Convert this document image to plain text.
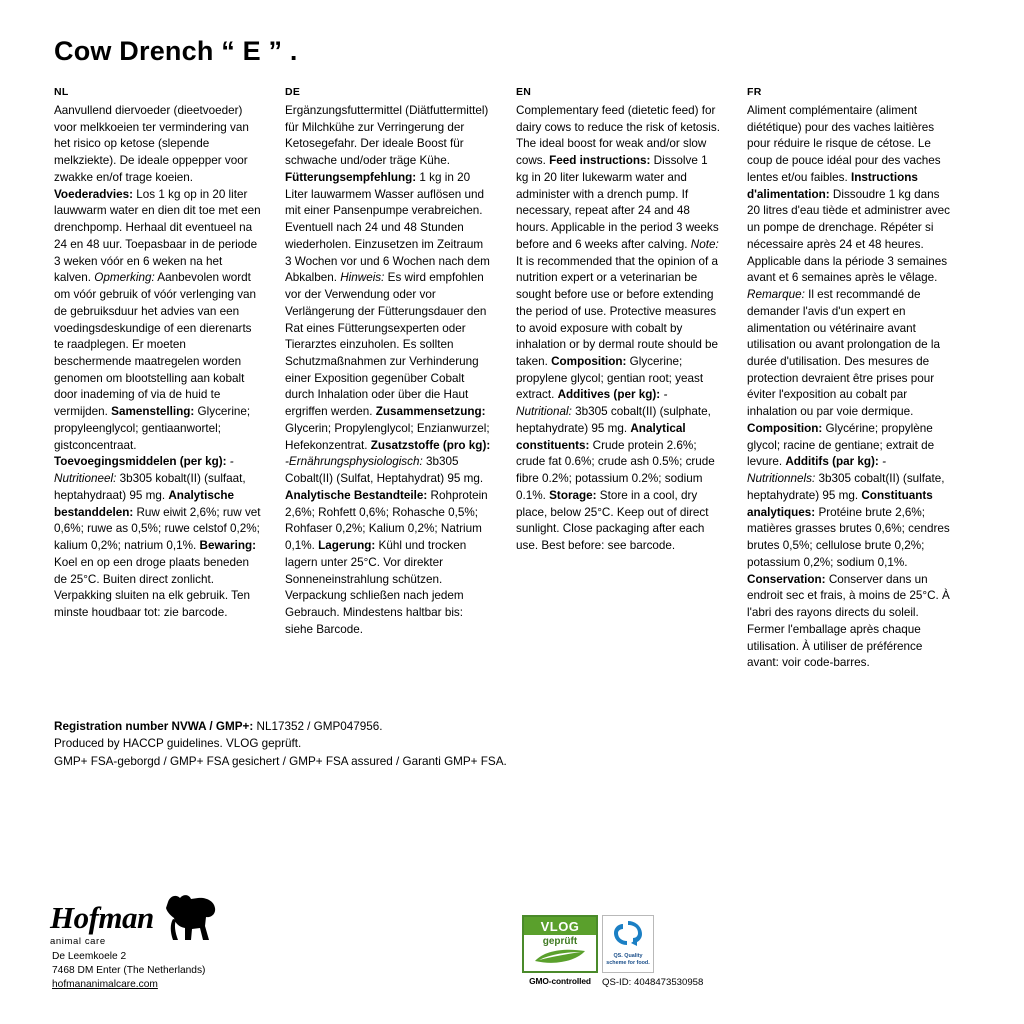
Cow Drench “ E ” .
NL
Aanvullend diervoeder (dieetvoeder) voor melkkoeien ter vermindering van het risico op ketose (slepende melkziekte). De ideale oppepper voor zwakke en/of trage koeien. Voederadvies: Los 1 kg op in 20 liter lauwwarm water en dien dit toe met een drenchpomp. Herhaal dit eventueel na 24 en 48 uur. Toepasbaar in de periode 3 weken vóór en 6 weken na het kalven. Opmerking: Aanbevolen wordt om vóór gebruik of vóór verlenging van de gebruiksduur het advies van een voedingsdeskundige of een dierenarts te raadplegen. Er moeten beschermende maatregelen worden genomen om blootstelling aan kobalt door inademing of via de huid te vermijden. Samenstelling: Glycerine; propyleenglycol; gentiaanwortel; gistconcentraat. Toevoegingsmiddelen (per kg): -Nutritioneel: 3b305 kobalt(II) (sulfaat, heptahydraat) 95 mg. Analytische bestanddelen: Ruw eiwit 2,6%; ruw vet 0,6%; ruwe as 0,5%; ruwe celstof 0,2%; kalium 0,2%; natrium 0,1%. Bewaring: Koel en op een droge plaats beneden de 25°C. Buiten direct zonlicht. Verpakking sluiten na elk gebruik. Ten minste houdbaar tot: zie barcode.
DE
Ergänzungsfuttermittel (Diätfuttermittel) für Milchkühe zur Verringerung der Ketosegefahr. Der ideale Boost für schwache und/oder träge Kühe. Fütterungsempfehlung: 1 kg in 20 Liter lauwarmem Wasser auflösen und mit einer Pansenpumpe verabreichen. Eventuell nach 24 und 48 Stunden wiederholen. Einzusetzen im Zeitraum 3 Wochen vor und 6 Wochen nach dem Abkalben. Hinweis: Es wird empfohlen vor der Verwendung oder vor Verlängerung der Fütterungsdauer den Rat eines Fütterungsexperten oder Tierarztes einzuholen. Es sollten Schutzmaßnahmen zur Verhinderung einer Exposition gegenüber Cobalt durch Inhalation oder über die Haut ergriffen werden. Zusammensetzung: Glycerin; Propylenglycol; Enzianwurzel; Hefekonzentrat. Zusatzstoffe (pro kg): -Ernährungsphysiologisch: 3b305 Cobalt(II) (Sulfat, Heptahydrat) 95 mg. Analytische Bestandteile: Rohprotein 2,6%; Rohfett 0,6%; Rohasche 0,5%; Rohfaser 0,2%; Kalium 0,2%; Natrium 0,1%. Lagerung: Kühl und trocken lagern unter 25°C. Vor direkter Sonneneinstrahlung schützen. Verpackung schließen nach jedem Gebrauch. Mindestens haltbar bis: siehe Barcode.
EN
Complementary feed (dietetic feed) for dairy cows to reduce the risk of ketosis. The ideal boost for weak and/or slow cows. Feed instructions: Dissolve 1 kg in 20 liter lukewarm water and administer with a drench pump. If necessary, repeat after 24 and 48 hours. Applicable in the period 3 weeks before and 6 weeks after calving. Note: It is recommended that the opinion of a nutrition expert or a veterinarian be sought before use or before extending the period of use. Protective measures to avoid exposure with cobalt by inhalation or by dermal route should be taken. Composition: Glycerine; propylene glycol; gentian root; yeast extract. Additives (per kg): -Nutritional: 3b305 cobalt(II) (sulphate, heptahydrate) 95 mg. Analytical constituents: Crude protein 2.6%; crude fat 0.6%; crude ash 0.5%; crude fibre 0.2%; potassium 0.2%; sodium 0.1%. Storage: Store in a cool, dry place, below 25°C. Keep out of direct sunlight. Close packaging after each use. Best before: see barcode.
FR
Aliment complémentaire (aliment diététique) pour des vaches laitières pour réduire le risque de cétose. Le coup de pouce idéal pour des vaches lentes et/ou faibles. Instructions d'alimentation: Dissoudre 1 kg dans 20 litres d'eau tiède et administrer avec un pompe de drenchage. Répéter si nécessaire après 24 et 48 heures. Applicable dans la période 3 semaines avant et 6 semaines après le vêlage. Remarque: Il est recommandé de demander l'avis d'un expert en alimentation ou vétérinaire avant utilisation ou avant prolongation de la durée d'utilisation. Des mesures de protection devraient être prises pour éviter l'exposition au cobalt par inhalation ou par voie dermique. Composition: Glycérine; propylène glycol; racine de gentiane; extrait de levure. Additifs (par kg): -Nutritionnels: 3b305 cobalt(II) (sulfate, heptahydrate) 95 mg. Constituants analytiques: Protéine brute 2,6%; matières grasses brutes 0,6%; cendres brutes 0,5%; cellulose brute 0,2%; potassium 0,2%; sodium 0,1%. Conservation: Conserver dans un endroit sec et frais, à moins de 25°C. À l'abri des rayons directs du soleil. Fermer l'emballage après chaque utilisation. À utiliser de préférence avant: voir code-barres.
Registration number NVWA / GMP+: NL17352 / GMP047956.
Produced by HACCP guidelines. VLOG geprüft.
GMP+ FSA-geborgd / GMP+ FSA gesichert / GMP+ FSA assured / Garanti GMP+ FSA.
Hofman
animal care
De Leemkoele 2
7468 DM Enter (The Netherlands)
hofmananimalcare.com
VLOG
geprüft
GMO-controlled
QS. Quality
scheme for food.
QS-ID: 4048473530958
